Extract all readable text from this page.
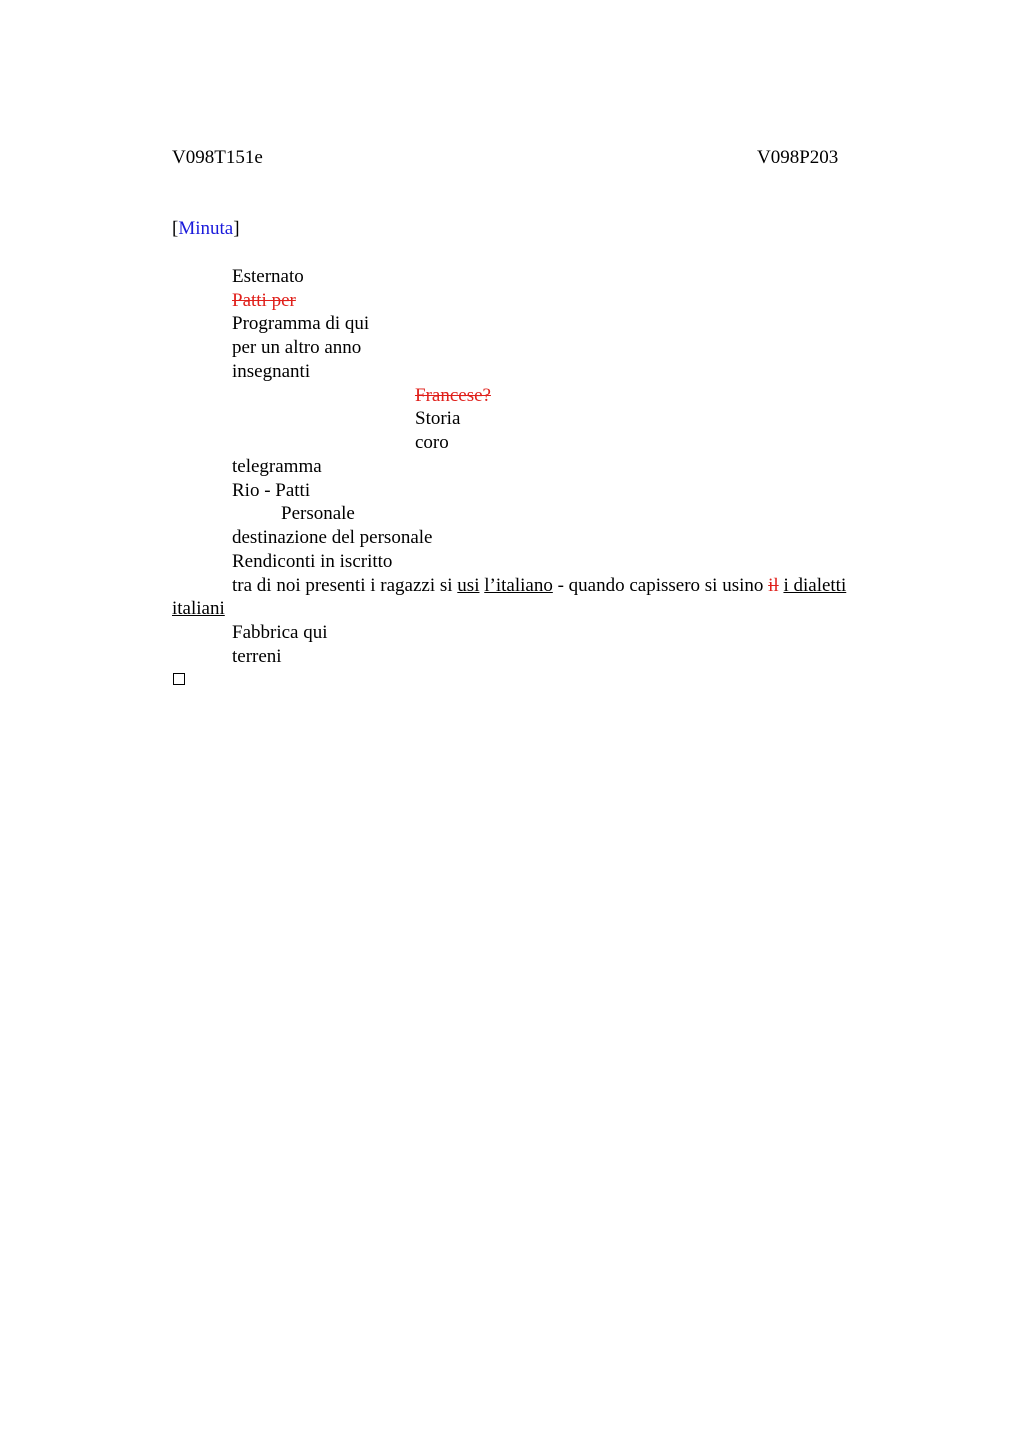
V098T151e	V098P203
[Minuta]
Esternato
Patti per
Programma di qui
per un altro anno
insegnanti
Francese?
Storia
coro
telegramma
Rio - Patti
Personale
destinazione del personale
Rendiconti in iscritto
tra di noi presenti i ragazzi si usi l’italiano - quando capissero si usino il i dialetti
italiani
Fabbrica qui
terreni
